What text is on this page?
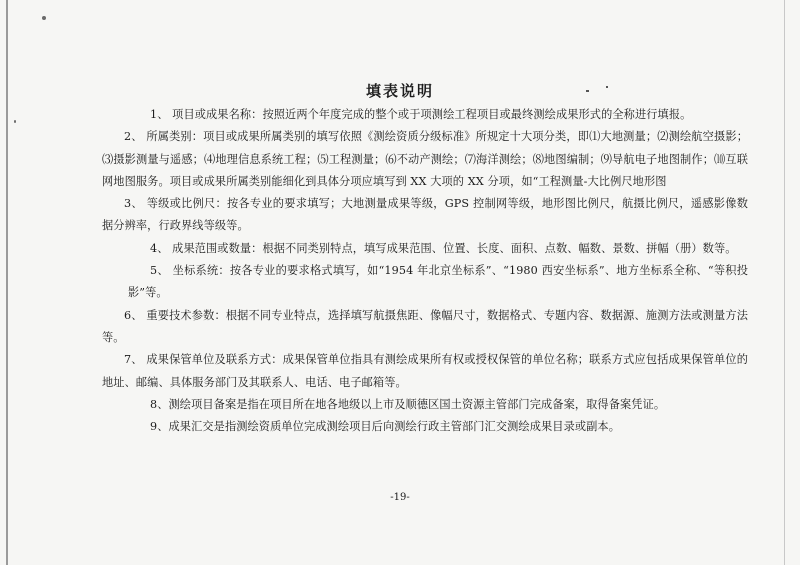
填表说明

1、 项目或成果名称：按照近两个年度完成的整个或于项测绘工程项目或最终测绘成果形式的全称进行填报。

2、 所属类别：项目或成果所属类别的填写依照《测绘资质分级标准》所规定十大项分类，即⑴大地测量；⑵测绘航空摄影；⑶摄影测量与遥感；⑷地理信息系统工程；⑸工程测量；⑹不动产测绘；⑺海洋测绘；⑻地图编制；⑼导航电子地图制作；⑽互联网地图服务。项目或成果所属类别能细化到具体分项应填写到 XX 大项的 XX 分项，如“工程测量-大比例尺地形图

3、 等级或比例尺：按各专业的要求填写；大地测量成果等级，GPS 控制网等级，地形图比例尺，航摄比例尺，遥感影像数据分辨率，行政界线等级等。

4、 成果范围或数量：根据不同类别特点，填写成果范围、位置、长度、面积、点数、幅数、景数、拼幅（册）数等。

5、 坐标系统：按各专业的要求格式填写，如“1954 年北京坐标系”、“1980 西安坐标系”、地方坐标系全称、“等积投影”等。

6、 重要技术参数：根据不同专业特点，选择填写航摄焦距、像幅尺寸，数据格式、专题内容、数据源、施测方法或测量方法等。

7、 成果保管单位及联系方式：成果保管单位指具有测绘成果所有权或授权保管的单位名称；联系方式应包括成果保管单位的地址、邮编、具体服务部门及其联系人、电话、电子邮箱等。

8、测绘项目备案是指在项目所在地各地级以上市及顺德区国土资源主管部门完成备案，取得备案凭证。

9、成果汇交是指测绘资质单位完成测绘项目后向测绘行政主管部门汇交测绘成果目录或副本。

-19-
